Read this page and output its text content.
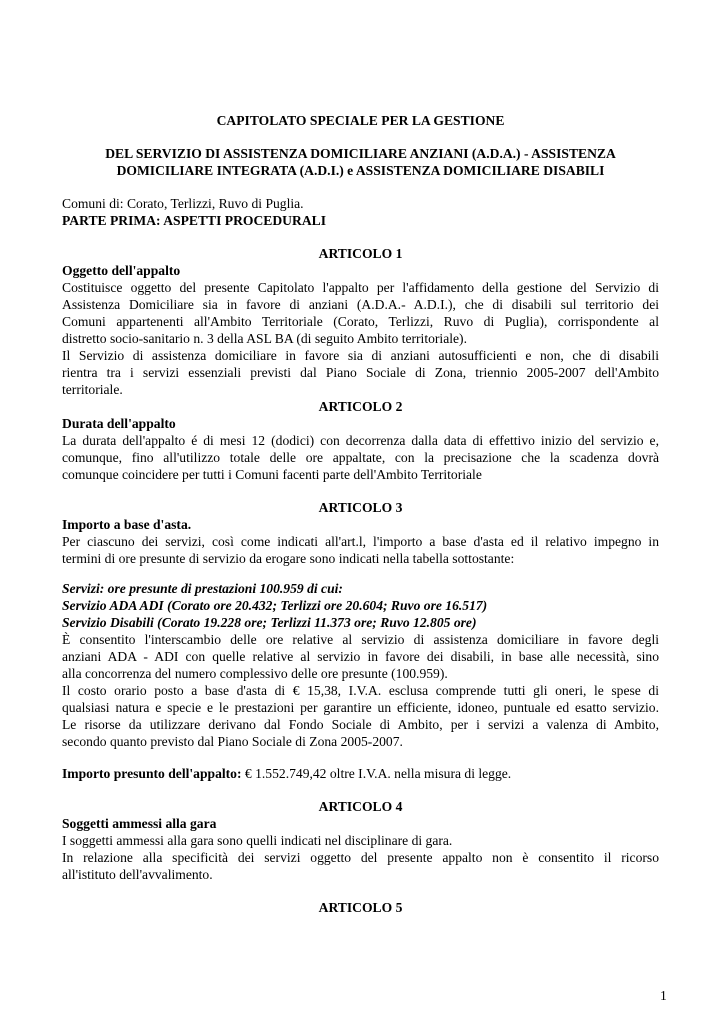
CAPITOLATO SPECIALE PER LA GESTIONE
DEL SERVIZIO DI ASSISTENZA DOMICILIARE ANZIANI (A.D.A.) - ASSISTENZA
DOMICILIARE INTEGRATA (A.D.I.) e ASSISTENZA DOMICILIARE DISABILI
Comuni di: Corato, Terlizzi, Ruvo di Puglia.
PARTE PRIMA: ASPETTI PROCEDURALI
ARTICOLO 1
Oggetto dell'appalto
Costituisce oggetto del presente Capitolato l'appalto per l'affidamento della gestione del Servizio di
Assistenza Domiciliare sia in favore di anziani (A.D.A.- A.D.I.), che di disabili sul territorio dei
Comuni appartenenti all'Ambito Territoriale (Corato, Terlizzi, Ruvo di Puglia), corrispondente al
distretto socio-sanitario n. 3 della ASL BA (di seguito Ambito territoriale).
Il Servizio di assistenza domiciliare in favore sia di anziani autosufficienti e non, che di disabili
rientra tra i servizi essenziali previsti dal Piano Sociale di Zona, triennio 2005-2007 dell'Ambito
territoriale.
ARTICOLO 2
Durata dell'appalto
La durata dell'appalto é di mesi 12 (dodici) con decorrenza dalla data di effettivo inizio del servizio e,
comunque, fino all'utilizzo totale delle ore appaltate, con la precisazione che la scadenza dovrà
comunque coincidere per tutti i Comuni facenti parte dell'Ambito Territoriale
ARTICOLO 3
Importo a base d'asta.
Per ciascuno dei servizi, così come indicati all'art.l, l'importo a base d'asta ed il relativo impegno in
termini di ore presunte di servizio da erogare sono indicati nella tabella sottostante:
Servizi: ore presunte di prestazioni 100.959 di cui:
Servizio ADA ADI (Corato ore 20.432; Terlizzi ore 20.604; Ruvo ore 16.517)
Servizio Disabili (Corato 19.228 ore; Terlizzi 11.373 ore; Ruvo 12.805 ore)
È consentito l'interscambio delle ore relative al servizio di assistenza domiciliare in favore degli
anziani ADA - ADI con quelle relative al servizio in favore dei disabili, in base alle necessità, sino
alla concorrenza del numero complessivo delle ore presunte (100.959).
Il costo orario posto a base d'asta di € 15,38, I.V.A. esclusa comprende tutti gli oneri, le spese di
qualsiasi natura e specie e le prestazioni per garantire un efficiente, idoneo, puntuale ed esatto servizio.
Le risorse da utilizzare derivano dal Fondo Sociale di Ambito, per i servizi a valenza di Ambito,
secondo quanto previsto dal Piano Sociale di Zona 2005-2007.
Importo presunto dell'appalto: € 1.552.749,42 oltre I.V.A. nella misura di legge.
ARTICOLO 4
Soggetti ammessi alla gara
I soggetti ammessi alla gara sono quelli indicati nel disciplinare di gara.
In relazione alla specificità dei servizi oggetto del presente appalto non è consentito il ricorso
all'istituto dell'avvalimento.
ARTICOLO 5
1
